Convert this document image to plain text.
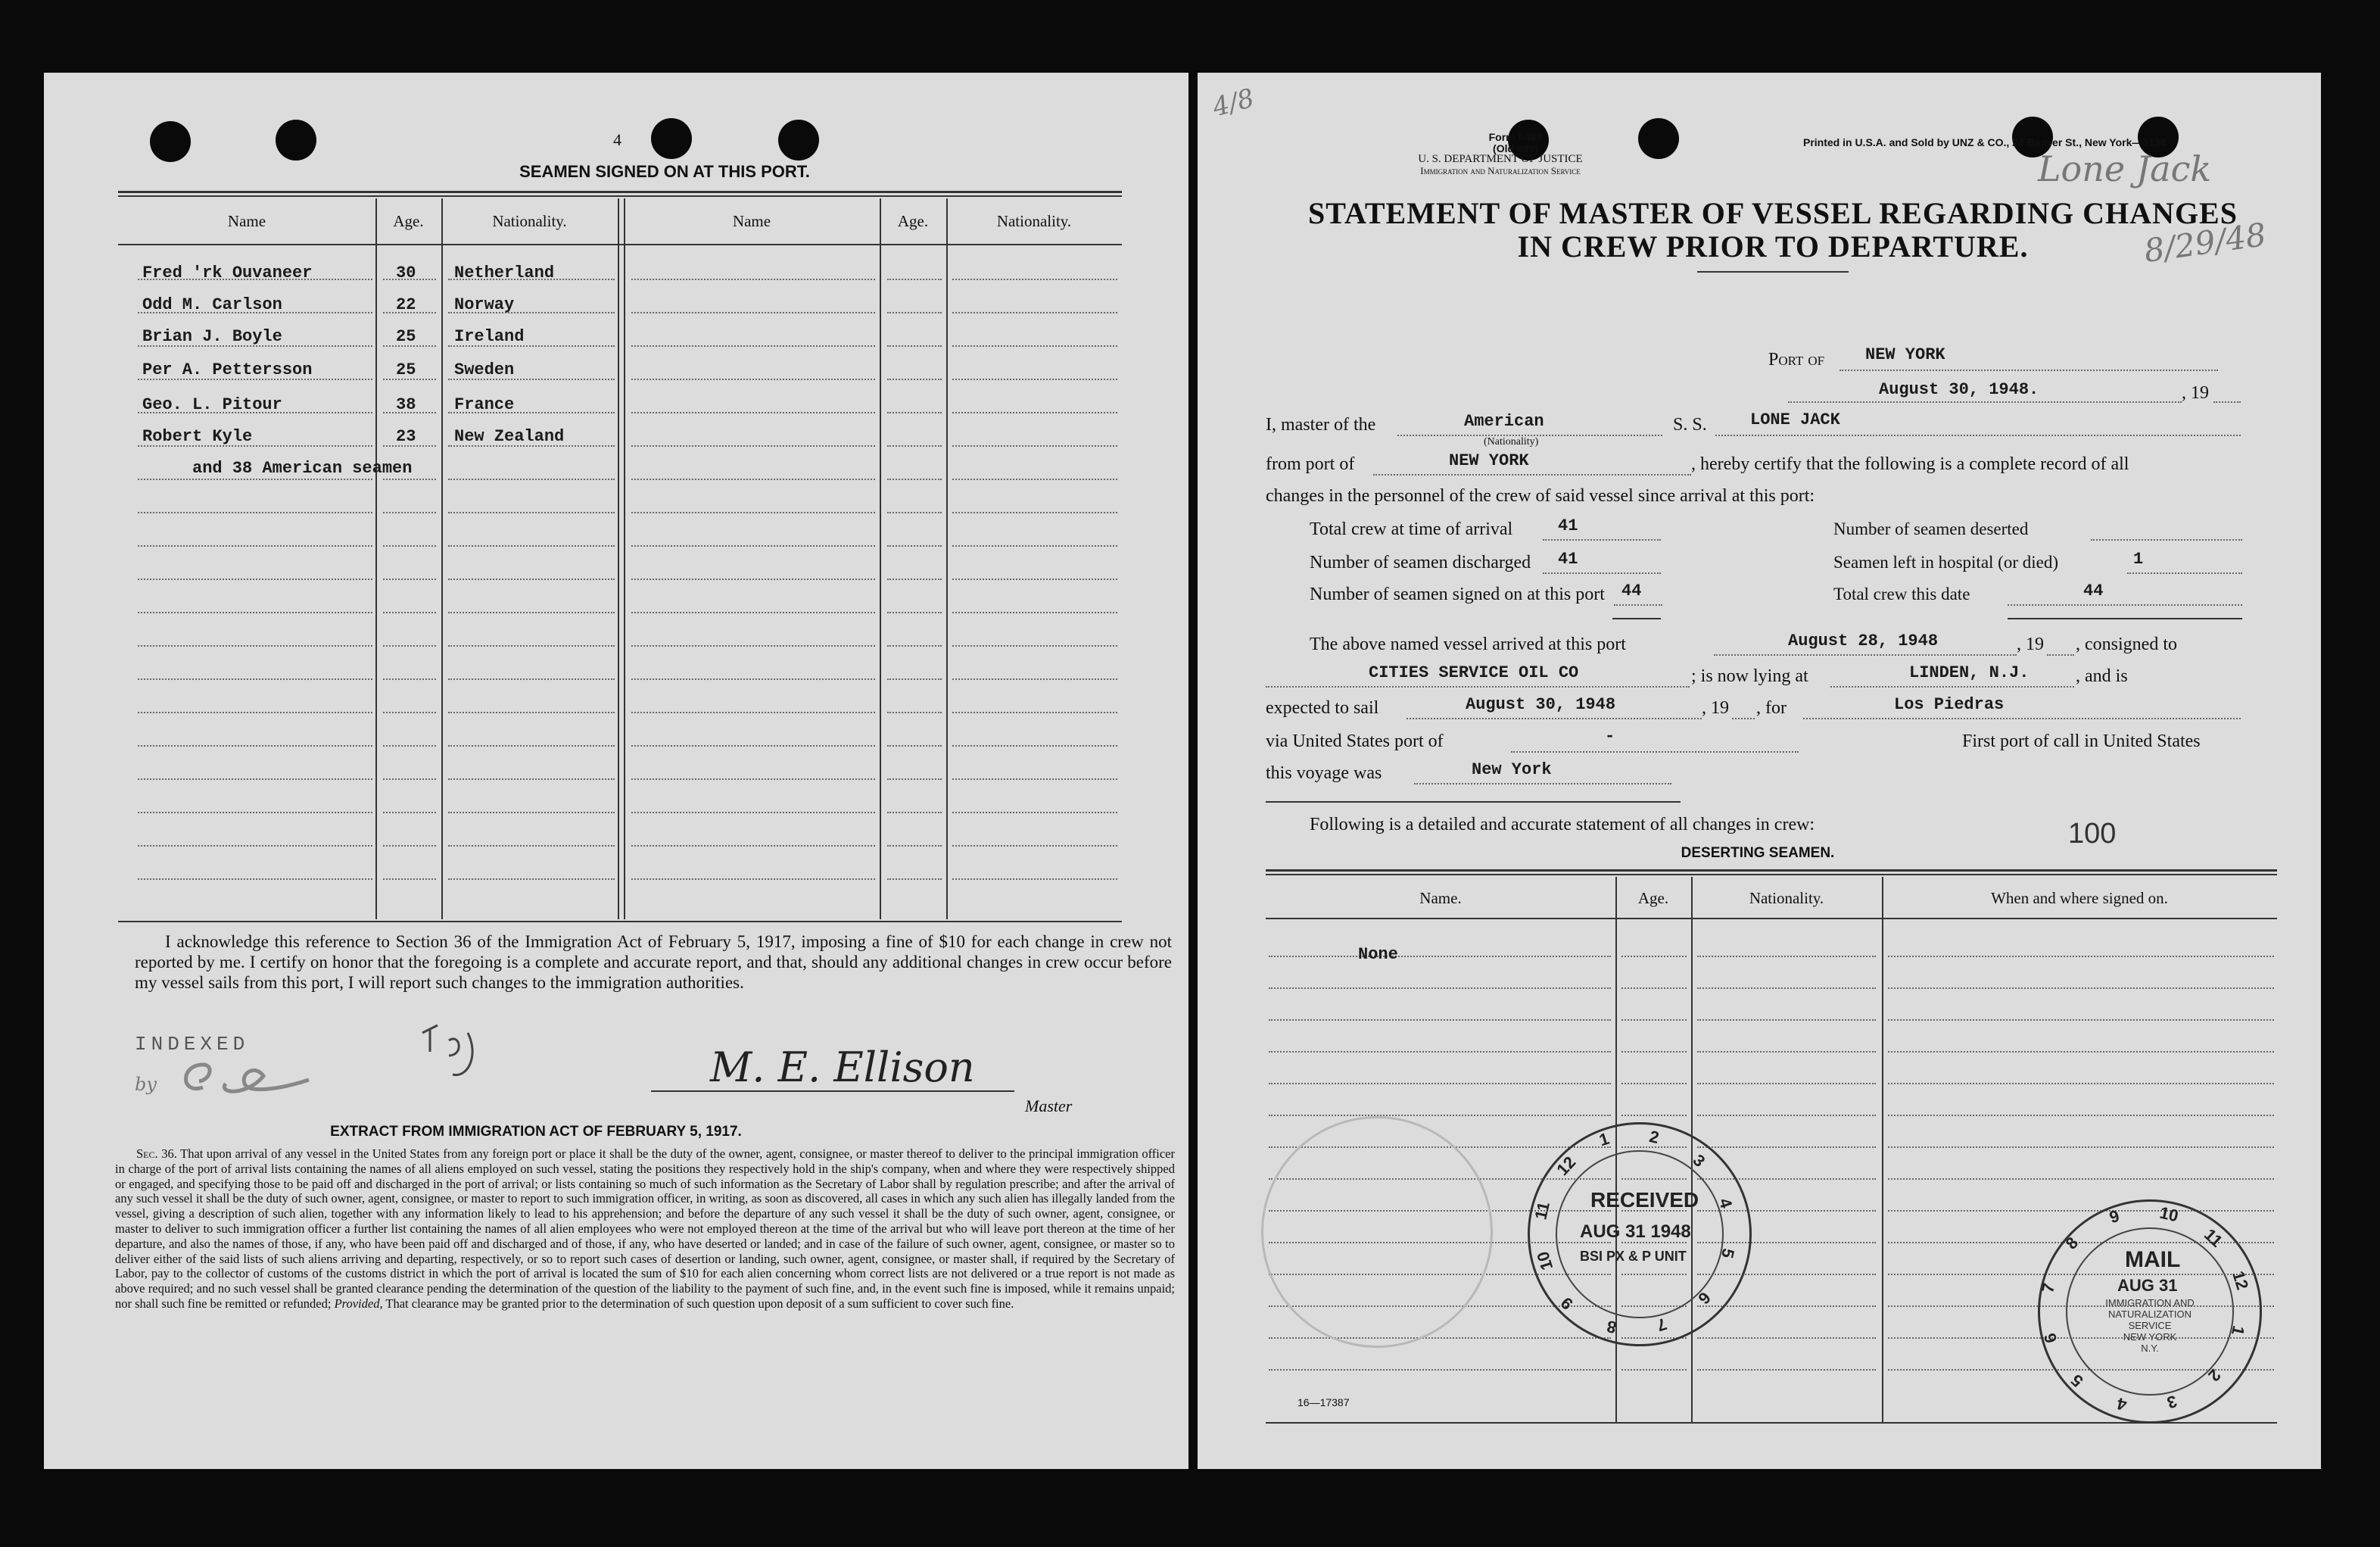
4
SEAMEN SIGNED ON AT THIS PORT.
Name	Age.	Nationality.	Name	Age.	Nationality.
Fred 'rk Ouvaneer	30 Netherland
Odd M. Carlson	22 Norway
Brian J. Boyle	25 Ireland
Per A. Pettersson	25 Sweden
Geo. L. Pitour	38 France
Robert Kyle	23 New Zealand
and 38 American seamen
I acknowledge this reference to Section 36 of the Immigration Act of February 5, 1917, imposing a fine of $10 for each change in crew not reported by me. I certify on honor that the foregoing is a complete and accurate report, and that, should any additional changes in crew occur before my vessel sails from this port, I will report such changes to the immigration authorities.
INDEXED
by	M. E. Ellison
Master
EXTRACT FROM IMMIGRATION ACT OF FEBRUARY 5, 1917.
Sec. 36. That upon arrival of any vessel in the United States from any foreign port or place it shall be the duty of the owner, agent, consignee, or master thereof to deliver to the principal immigration officer in charge of the port of arrival lists containing the names of all aliens employed on such vessel, stating the positions they respectively hold in the ship's company, when and where they were respectively shipped or engaged, and specifying those to be paid off and discharged in the port of arrival; or lists containing so much of such information as the Secretary of Labor shall by regulation prescribe; and after the arrival of any such vessel it shall be the duty of such owner, agent, consignee, or master to report to such immigration officer, in writing, as soon as discovered, all cases in which any such alien has illegally landed from the vessel, giving a description of such alien, together with any information likely to lead to his apprehension; and before the departure of any such vessel it shall be the duty of such owner, agent, consignee, or master to deliver to such immigration officer a further list containing the names of all alien employees who were not employed thereon at the time of the arrival but who will leave port thereon at the time of her departure, and also the names of those, if any, who have been paid off and discharged and of those, if any, who have deserted or landed; and in case of the failure of such owner, agent, consignee, or master so to deliver either of the said lists of such aliens arriving and departing, respectively, or so to report such cases of desertion or landing, such owner, agent, consignee, or master shall, if required by the Secretary of Labor, pay to the collector of customs of the customs district in which the port of arrival is located the sum of $10 for each alien concerning whom correct lists are not delivered or a true report is not made as above required; and no such vessel shall be granted clearance pending the determination of the question of the liability to the payment of such fine, and, in the event such fine is imposed, while it remains unpaid; nor shall such fine be remitted or refunded; Provided, That clearance may be granted prior to the determination of such question upon deposit of a sum sufficient to cover such fine.
4/8
Form I-489
(Old 689)
U. S. DEPARTMENT OF JUSTICE
Immigration and Naturalization Service
Printed in U.S.A. and Sold by UNZ & CO., 24 Beaver St., New York—8138
Lone Jack
8/29/48
STATEMENT OF MASTER OF VESSEL REGARDING CHANGES
IN CREW PRIOR TO DEPARTURE.
Port of NEW YORK
August 30, 1948.	, 19
I, master of the	American
(Nationality)
S. S.	LONE JACK
from port of	NEW YORK	, hereby certify that the following is a complete record of all
changes in the personnel of the crew of said vessel since arrival at this port:
Total crew at time of arrival	41	Number of seamen deserted
Number of seamen discharged 41	Seamen left in hospital (or died)	1
Number of seamen signed on at this port 44	Total crew this date	44
The above named vessel arrived at this port	August 28, 1948	, 19 , consigned to
CITIES SERVICE OIL CO	; is now lying at	LINDEN, N.J.	, and is
expected to sail	August 30, 1948	, 19 , for	Los Piedras
via United States port of	-	First port of call in United States
this voyage was	New York
Following is a detailed and accurate statement of all changes in crew:	100
DESERTING SEAMEN.
Name.	Age.	Nationality.	When and where signed on.
None
16—17387
1 2
3
4
5
6
7
8
9
10
11
12
RECEIVED
AUG 31 1948
BSI PX & P UNIT
9 10
11
12
1
2
3
4
5
6
7
8
MAIL
AUG 31
IMMIGRATION AND
NATURALIZATION
SERVICE
NEW YORK
N.Y.
